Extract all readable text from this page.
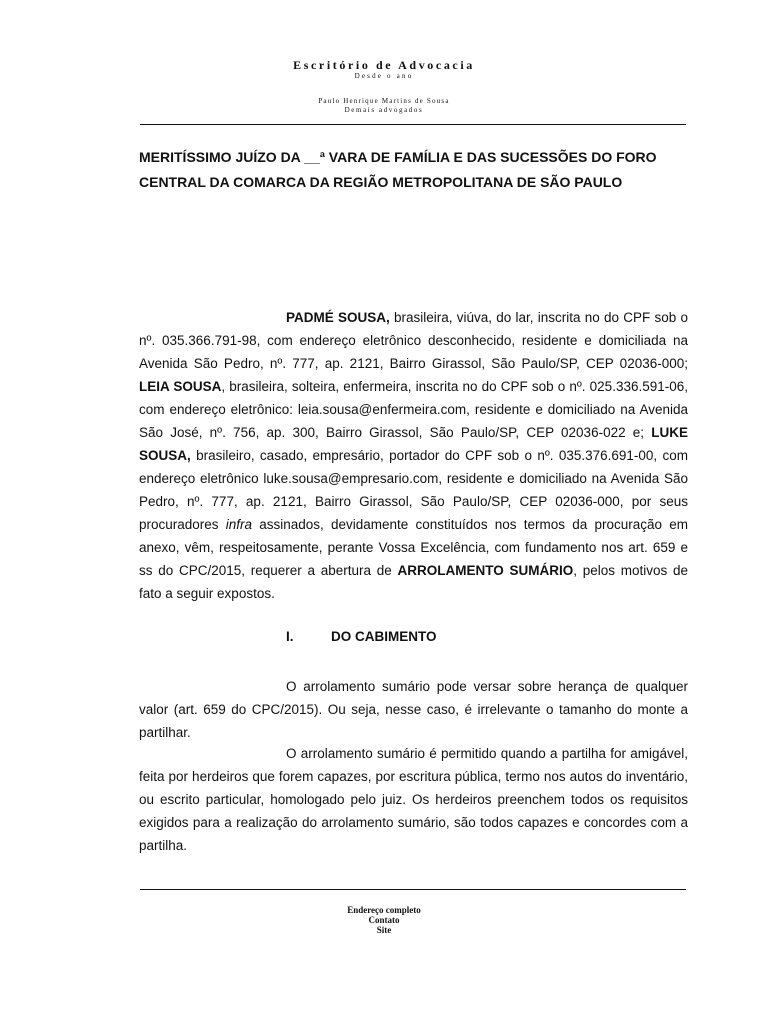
Escritório de Advocacia
Desde o ano
Paulo Henrique Martins de Sousa
Demais advogados
MERITÍSSIMO JUÍZO DA __ª VARA DE FAMÍLIA E DAS SUCESSÕES DO FORO
CENTRAL DA COMARCA DA REGIÃO METROPOLITANA DE SÃO PAULO

PADMÉ SOUSA, brasileira, viúva, do lar, inscrita no do CPF sob o nº. 035.366.791-98, com endereço eletrônico desconhecido, residente e domiciliada na Avenida São Pedro, nº. 777, ap. 2121, Bairro Girassol, São Paulo/SP, CEP 02036-000; LEIA SOUSA, brasileira, solteira, enfermeira, inscrita no do CPF sob o nº. 025.336.591-06, com endereço eletrônico: leia.sousa@enfermeira.com, residente e domiciliado na Avenida São José, nº. 756, ap. 300, Bairro Girassol, São Paulo/SP, CEP 02036-022 e; LUKE SOUSA, brasileiro, casado, empresário, portador do CPF sob o nº. 035.376.691-00, com endereço eletrônico luke.sousa@empresario.com, residente e domiciliado na Avenida São Pedro, nº. 777, ap. 2121, Bairro Girassol, São Paulo/SP, CEP 02036-000, por seus procuradores infra assinados, devidamente constituídos nos termos da procuração em anexo, vêm, respeitosamente, perante Vossa Excelência, com fundamento nos art. 659 e ss do CPC/2015, requerer a abertura de ARROLAMENTO SUMÁRIO, pelos motivos de fato a seguir expostos.

I.	DO CABIMENTO

O arrolamento sumário pode versar sobre herança de qualquer valor (art. 659 do CPC/2015). Ou seja, nesse caso, é irrelevante o tamanho do monte a partilhar.

O arrolamento sumário é permitido quando a partilha for amigável, feita por herdeiros que forem capazes, por escritura pública, termo nos autos do inventário, ou escrito particular, homologado pelo juiz. Os herdeiros preenchem todos os requisitos exigidos para a realização do arrolamento sumário, são todos capazes e concordes com a partilha.

Endereço completo
Contato
Site
